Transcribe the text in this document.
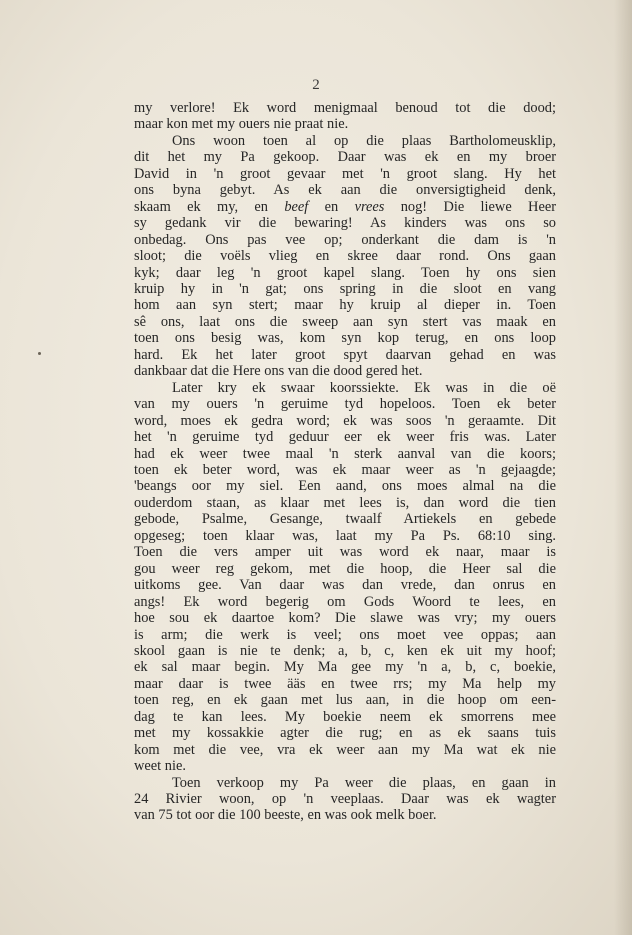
2
my verlore! Ek word menigmaal benoud tot die dood;
maar kon met my ouers nie praat nie.
Ons woon toen al op die plaas Bartholomeusklip,
dit het my Pa gekoop. Daar was ek en my broer
David in 'n groot gevaar met 'n groot slang. Hy het
ons byna gebyt. As ek aan die onversigtigheid denk,
skaam ek my, en beef en vrees nog! Die liewe Heer
sy gedank vir die bewaring! As kinders was ons so
onbedag. Ons pas vee op; onderkant die dam is 'n
sloot; die voëls vlieg en skree daar rond. Ons gaan
kyk; daar leg 'n groot kapel slang. Toen hy ons sien
kruip hy in 'n gat; ons spring in die sloot en vang
hom aan syn stert; maar hy kruip al dieper in. Toen
sê ons, laat ons die sweep aan syn stert vas maak en
toen ons besig was, kom syn kop terug, en ons loop
hard. Ek het later groot spyt daarvan gehad en was
dankbaar dat die Here ons van die dood gered het.
Later kry ek swaar koorssiekte. Ek was in die oë
van my ouers 'n geruime tyd hopeloos. Toen ek beter
word, moes ek gedra word; ek was soos 'n geraamte. Dit
het 'n geruime tyd geduur eer ek weer fris was. Later
had ek weer twee maal 'n sterk aanval van die koors;
toen ek beter word, was ek maar weer as 'n gejaagde;
'beangs oor my siel. Een aand, ons moes almal na die
ouderdom staan, as klaar met lees is, dan word die tien
gebode, Psalme, Gesange, twaalf Artiekels en gebede
opgeseg; toen klaar was, laat my Pa Ps. 68:10 sing.
Toen die vers amper uit was word ek naar, maar is
gou weer reg gekom, met die hoop, die Heer sal die
uitkoms gee. Van daar was dan vrede, dan onrus en
angs! Ek word begerig om Gods Woord te lees, en
hoe sou ek daartoe kom? Die slawe was vry; my ouers
is arm; die werk is veel; ons moet vee oppas; aan
skool gaan is nie te denk; a, b, c, ken ek uit my hoof;
ek sal maar begin. My Ma gee my 'n a, b, c, boekie,
maar daar is twee ääs en twee rrs; my Ma help my
toen reg, en ek gaan met lus aan, in die hoop om een-
dag te kan lees. My boekie neem ek smorrens mee
met my kossakkie agter die rug; en as ek saans tuis
kom met die vee, vra ek weer aan my Ma wat ek nie
weet nie.
Toen verkoop my Pa weer die plaas, en gaan in
24 Rivier woon, op 'n veeplaas. Daar was ek wagter
van 75 tot oor die 100 beeste, en was ook melk boer.
